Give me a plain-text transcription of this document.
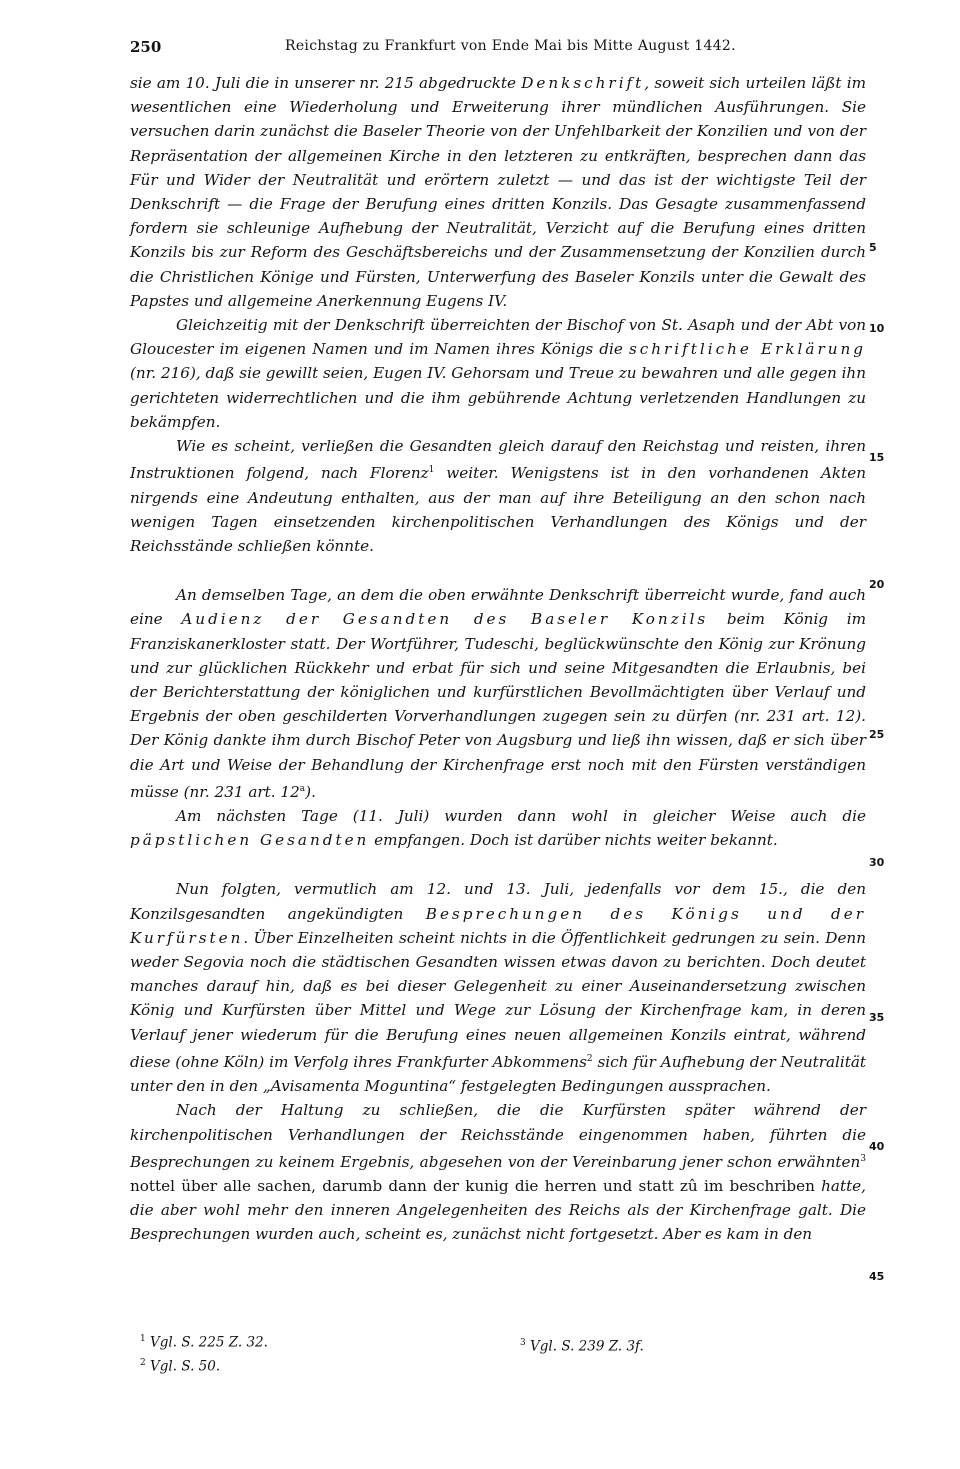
250	Reichstag zu Frankfurt von Ende Mai bis Mitte August 1442.

sie am 10. Juli die in unserer nr. 215 abgedruckte Denkschrift, soweit sich urteilen läßt im wesentlichen eine Wiederholung und Erweiterung ihrer mündlichen Ausführungen. Sie versuchen darin zunächst die Baseler Theorie von der Unfehlbarkeit der Konzilien und von der Repräsentation der allgemeinen Kirche in den letzteren zu entkräften, besprechen dann das Für und Wider der Neutralität und erörtern zuletzt — und das ist der wichtigste Teil der Denkschrift — die Frage der Berufung eines dritten Konzils. Das Gesagte zusammenfassend fordern sie schleunige Aufhebung der Neutralität, Verzicht auf die Berufung eines dritten Konzils bis zur Reform des Geschäftsbereichs und der Zusammensetzung der Konzilien durch die Christlichen Könige und Fürsten, Unterwerfung des Baseler Konzils unter die Gewalt des Papstes und allgemeine Anerkennung Eugens IV.

Gleichzeitig mit der Denkschrift überreichten der Bischof von St. Asaph und der Abt von Gloucester im eigenen Namen und im Namen ihres Königs die schriftliche Erklärung (nr. 216), daß sie gewillt seien, Eugen IV. Gehorsam und Treue zu bewahren und alle gegen ihn gerichteten widerrechtlichen und die ihm gebührende Achtung verletzenden Handlungen zu bekämpfen.

Wie es scheint, verließen die Gesandten gleich darauf den Reichstag und reisten, ihren Instruktionen folgend, nach Florenz$^1$ weiter. Wenigstens ist in den vorhandenen Akten nirgends eine Andeutung enthalten, aus der man auf ihre Beteiligung an den schon nach wenigen Tagen einsetzenden kirchenpolitischen Verhandlungen des Königs und der Reichsstände schließen könnte.

An demselben Tage, an dem die oben erwähnte Denkschrift überreicht wurde, fand auch eine Audienz der Gesandten des Baseler Konzils beim König im Franziskanerkloster statt. Der Wortführer, Tudeschi, beglückwünschte den König zur Krönung und zur glücklichen Rückkehr und erbat für sich und seine Mitgesandten die Erlaubnis, bei der Berichterstattung der königlichen und kurfürstlichen Bevollmächtigten über Verlauf und Ergebnis der oben geschilderten Vorverhandlungen zugegen sein zu dürfen (nr. 231 art. 12). Der König dankte ihm durch Bischof Peter von Augsburg und ließ ihn wissen, daß er sich über die Art und Weise der Behandlung der Kirchenfrage erst noch mit den Fürsten verständigen müsse (nr. 231 art. 12$^a$).

Am nächsten Tage (11. Juli) wurden dann wohl in gleicher Weise auch die päpstlichen Gesandten empfangen. Doch ist darüber nichts weiter bekannt.

Nun folgten, vermutlich am 12. und 13. Juli, jedenfalls vor dem 15., die den Konzilsgesandten angekündigten Besprechungen des Königs und der Kurfürsten. Über Einzelheiten scheint nichts in die Öffentlichkeit gedrungen zu sein. Denn weder Segovia noch die städtischen Gesandten wissen etwas davon zu berichten. Doch deutet manches darauf hin, daß es bei dieser Gelegenheit zu einer Auseinandersetzung zwischen König und Kurfürsten über Mittel und Wege zur Lösung der Kirchenfrage kam, in deren Verlauf jener wiederum für die Berufung eines neuen allgemeinen Konzils eintrat, während diese (ohne Köln) im Verfolg ihres Frankfurter Abkommens$^2$ sich für Aufhebung der Neutralität unter den in den „Avisamenta Moguntina“ festgelegten Bedingungen aussprachen.

Nach der Haltung zu schließen, die die Kurfürsten später während der kirchenpolitischen Verhandlungen der Reichsstände eingenommen haben, führten die Besprechungen zu keinem Ergebnis, abgesehen von der Vereinbarung jener schon erwähnten$^3$ nottel über alle sachen, darumb dann der kunig die herren und statt zû im beschriben hatte, die aber wohl mehr den inneren Angelegenheiten des Reichs als der Kirchenfrage galt. Die Besprechungen wurden auch, scheint es, zunächst nicht fortgesetzt. Aber es kam in den

5
10
15
20
25
30
35
40
45
$^1$ Vgl. S. 225 Z. 32.
$^2$ Vgl. S. 50.
$^3$ Vgl. S. 239 Z. 3f.
